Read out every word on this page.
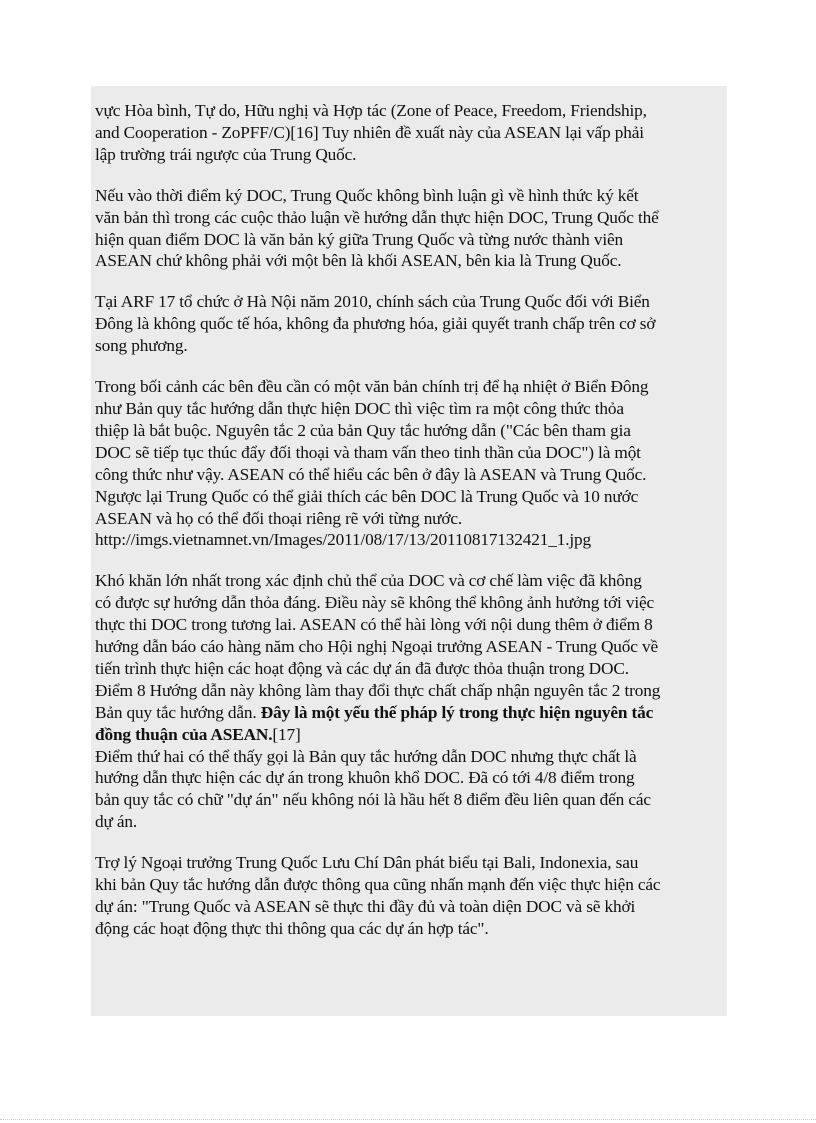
vực Hòa bình, Tự do, Hữu nghị và Hợp tác (Zone of Peace, Freedom, Friendship,
and Cooperation - ZoPFF/C)[16] Tuy nhiên đề xuất này của ASEAN lại vấp phải
lập trường trái ngược của Trung Quốc.

Nếu vào thời điểm ký DOC, Trung Quốc không bình luận gì về hình thức ký kết
văn bản thì trong các cuộc thảo luận về hướng dẫn thực hiện DOC, Trung Quốc thể
hiện quan điểm DOC là văn bản ký giữa Trung Quốc và từng nước thành viên
ASEAN chứ không phải với một bên là khối ASEAN, bên kia là Trung Quốc.

Tại ARF 17 tổ chức ở Hà Nội năm 2010, chính sách của Trung Quốc đối với Biển
Đông là không quốc tế hóa, không đa phương hóa, giải quyết tranh chấp trên cơ sở
song phương.

Trong bối cảnh các bên đều cần có một văn bản chính trị để hạ nhiệt ở Biển Đông
như Bản quy tắc hướng dẫn thực hiện DOC thì việc tìm ra một công thức thỏa
thiệp là bắt buộc. Nguyên tắc 2 của bản Quy tắc hướng dẫn ("Các bên tham gia
DOC sẽ tiếp tục thúc đẩy đối thoại và tham vấn theo tinh thần của DOC") là một
công thức như vậy. ASEAN có thể hiểu các bên ở đây là ASEAN và Trung Quốc.
Ngược lại Trung Quốc có thể giải thích các bên DOC là Trung Quốc và 10 nước
ASEAN và họ có thể đối thoại riêng rẽ với từng nước.
http://imgs.vietnamnet.vn/Images/2011/08/17/13/20110817132421_1.jpg

Khó khăn lớn nhất trong xác định chủ thể của DOC và cơ chế làm việc đã không
có được sự hướng dẫn thỏa đáng. Điều này sẽ không thể không ảnh hưởng tới việc
thực thi DOC trong tương lai. ASEAN có thể hài lòng với nội dung thêm ở điểm 8
hướng dẫn báo cáo hàng năm cho Hội nghị Ngoại trưởng ASEAN - Trung Quốc về
tiến trình thực hiện các hoạt động và các dự án đã được thỏa thuận trong DOC.
Điểm 8 Hướng dẫn này không làm thay đổi thực chất chấp nhận nguyên tắc 2 trong
Bản quy tắc hướng dẫn. Đây là một yếu thế pháp lý trong thực hiện nguyên tắc
đồng thuận của ASEAN.[17]

Điểm thứ hai có thể thấy gọi là Bản quy tắc hướng dẫn DOC nhưng thực chất là
hướng dẫn thực hiện các dự án trong khuôn khổ DOC. Đã có tới 4/8 điểm trong
bản quy tắc có chữ "dự án" nếu không nói là hầu hết 8 điểm đều liên quan đến các
dự án.

Trợ lý Ngoại trưởng Trung Quốc Lưu Chí Dân phát biểu tại Bali, Indonexia, sau
khi bản Quy tắc hướng dẫn được thông qua cũng nhấn mạnh đến việc thực hiện các
dự án: "Trung Quốc và ASEAN sẽ thực thi đầy đủ và toàn diện DOC và sẽ khởi
động các hoạt động thực thi thông qua các dự án hợp tác".
